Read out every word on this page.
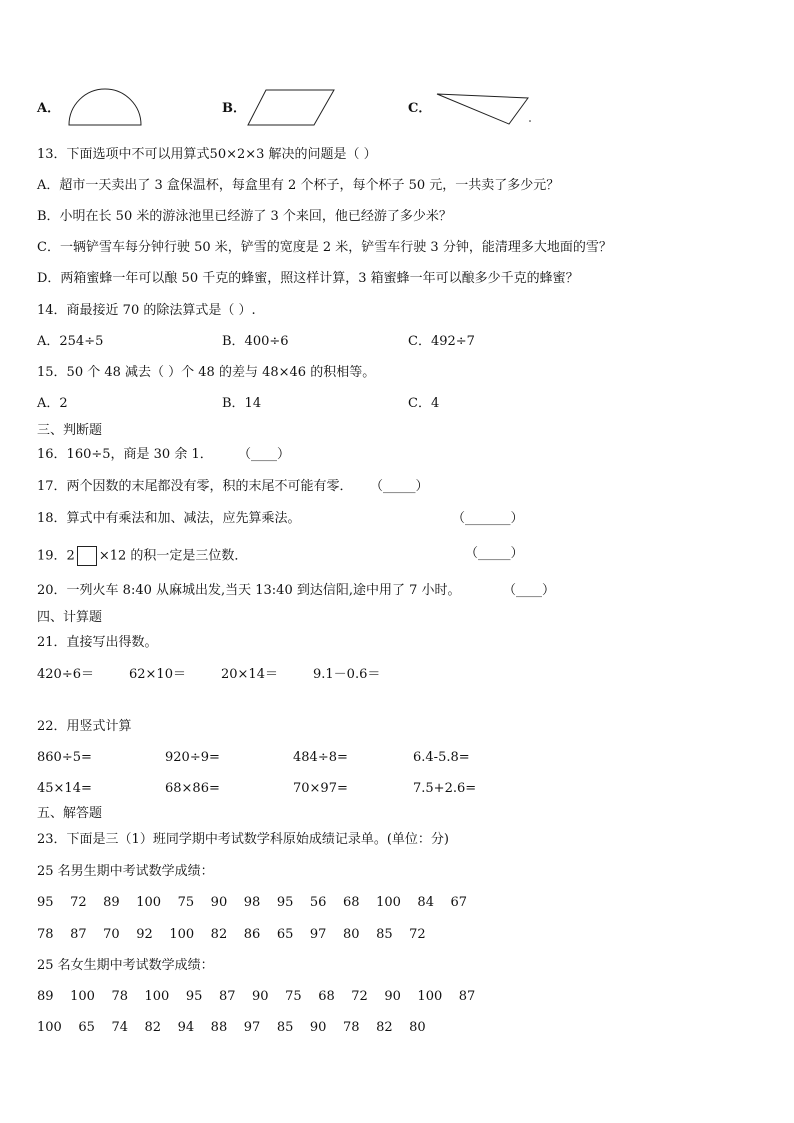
A．	B．	C．
13．下面选项中不可以用算式50×2×3 解决的问题是（ ）
A．超市一天卖出了 3 盒保温杯，每盒里有 2 个杯子，每个杯子 50 元，一共卖了多少元？
B．小明在长 50 米的游泳池里已经游了 3 个来回，他已经游了多少米？
C．一辆铲雪车每分钟行驶 50 米，铲雪的宽度是 2 米，铲雪车行驶 3 分钟，能清理多大地面的雪？
D．两箱蜜蜂一年可以酿 50 千克的蜂蜜，照这样计算，3 箱蜜蜂一年可以酿多少千克的蜂蜜？
14．商最接近 70 的除法算式是（ ）.
A．254÷5	B．400÷6	C．492÷7
15．50 个 48 减去（ ）个 48 的差与 48×46 的积相等。
A．2	B．14	C．4
三、判断题
16．160÷5，商是 30 余 1． （____）
17．两个因数的末尾都没有零，积的末尾不可能有零． （_____）
18．算式中有乘法和加、减法，应先算乘法。	（_______）
19．2 ×12 的积一定是三位数．	（_____）
20．一列火车 8:40 从麻城出发,当天 13:40 到达信阳,途中用了 7 小时。	（____）
四、计算题
21．直接写出得数。
420÷6＝	62×10＝	20×14＝	9.1－0.6＝
22．用竖式计算
860÷5=	920÷9=	484÷8=	6.4-5.8=
45×14=	68×86=	70×97=	7.5+2.6=
五、解答题
23．下面是三（1）班同学期中考试数学科原始成绩记录单。(单位：分)
25 名男生期中考试数学成绩：
95 72 89 100 75 90 98 95 56 68 100 84 67
78 87 70 92 100 82 86 65 97 80 85 72
25 名女生期中考试数学成绩：
89 100 78 100 95 87 90 75 68 72 90 100 87
100 65 74 82 94 88 97 85 90 78 82 80
